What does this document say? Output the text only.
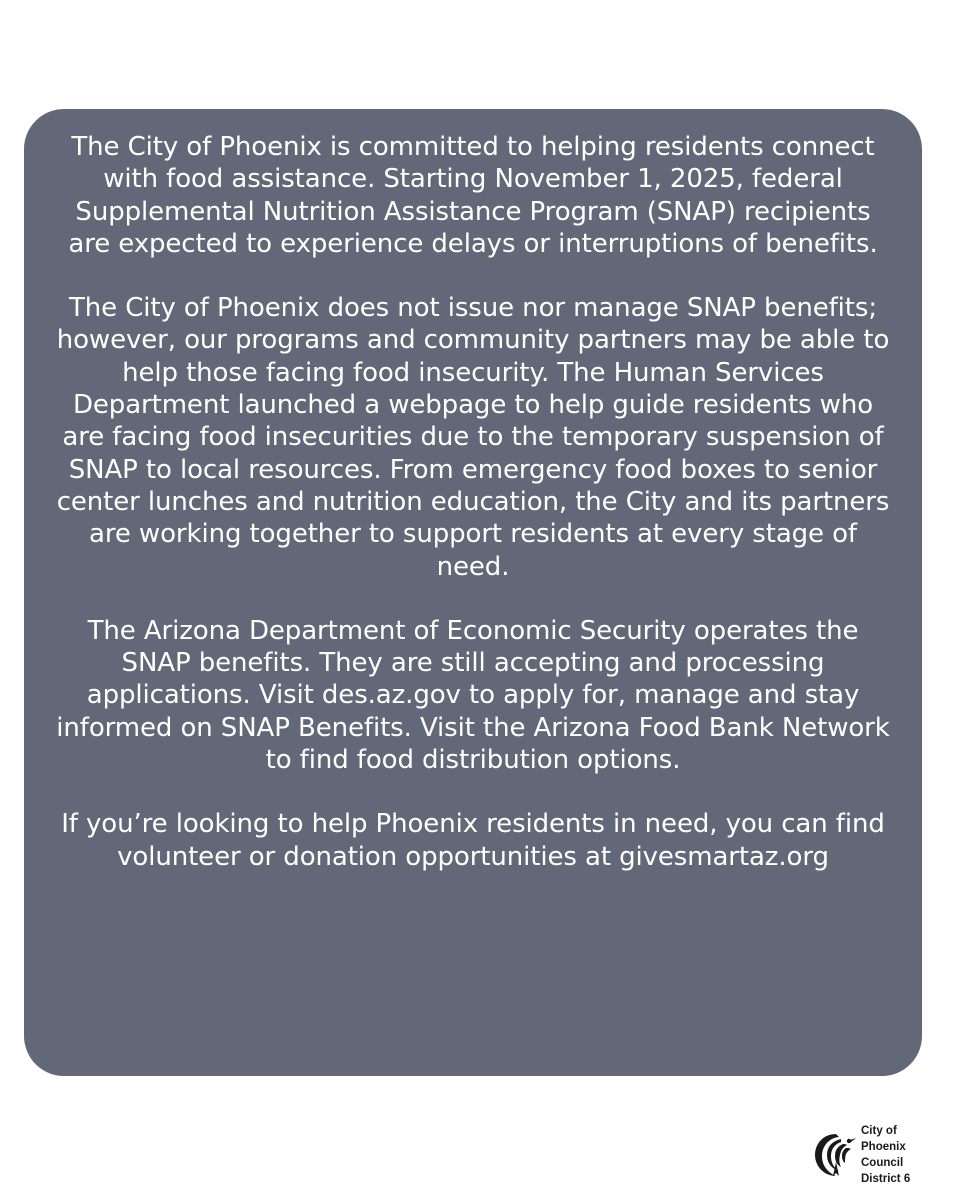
The City of Phoenix is committed to helping residents connect with food assistance. Starting November 1, 2025, federal Supplemental Nutrition Assistance Program (SNAP) recipients are expected to experience delays or interruptions of benefits.

The City of Phoenix does not issue nor manage SNAP benefits; however, our programs and community partners may be able to help those facing food insecurity. The Human Services Department launched a webpage to help guide residents who are facing food insecurities due to the temporary suspension of SNAP to local resources. From emergency food boxes to senior center lunches and nutrition education, the City and its partners are working together to support residents at every stage of need.

The Arizona Department of Economic Security operates the SNAP benefits. They are still accepting and processing applications. Visit des.az.gov to apply for, manage and stay informed on SNAP Benefits. Visit the Arizona Food Bank Network to find food distribution options.

If you’re looking to help Phoenix residents in need, you can find volunteer or donation opportunities at givesmartaz.org

City of Phoenix
Council District 6
